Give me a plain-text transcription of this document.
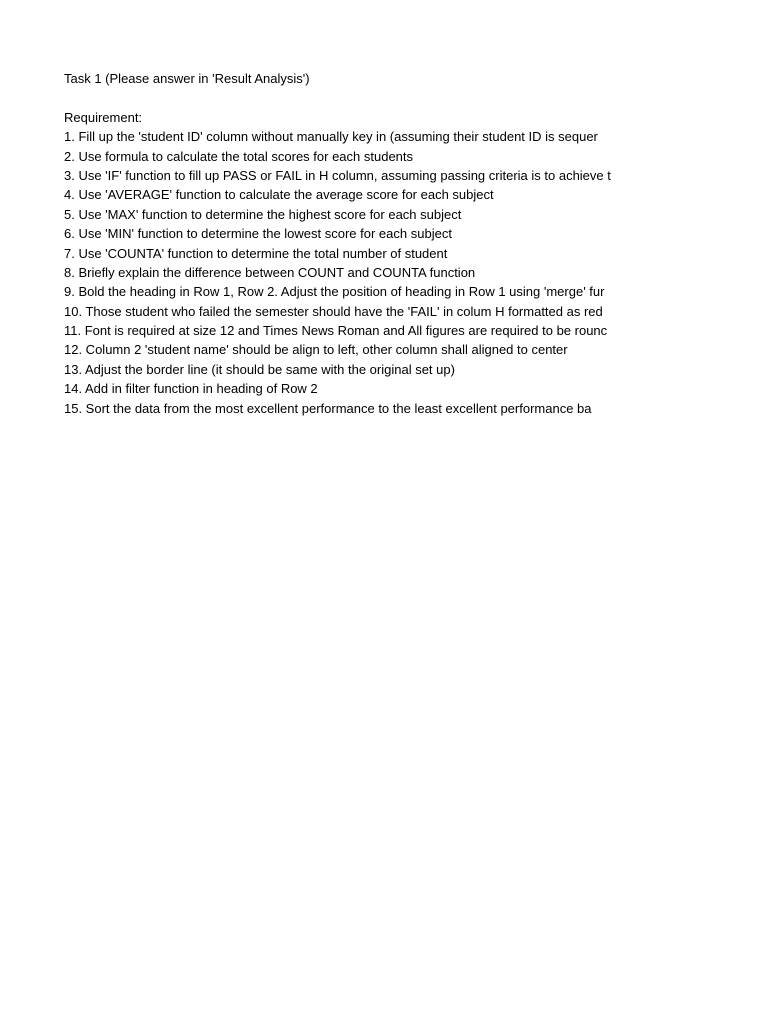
Task 1 (Please answer in 'Result Analysis')
Requirement:
1. Fill up the 'student ID' column without manually key in (assuming their student ID is sequer
2. Use formula to calculate the total scores for each students
3. Use 'IF' function to fill up PASS or FAIL in H column, assuming passing criteria is to achieve t
4. Use 'AVERAGE' function to calculate the average score for each subject
5. Use 'MAX' function to determine the highest score for each subject
6. Use 'MIN' function to determine the lowest score for each subject
7. Use 'COUNTA' function to determine the total number of student
8. Briefly explain the difference between COUNT and COUNTA function
9. Bold the heading in Row 1, Row 2. Adjust the position of heading in Row 1 using 'merge' fur
10. Those student who failed the semester should have the 'FAIL' in colum H formatted as red
11. Font is required at size 12 and Times News Roman and All figures are required to be rounc
12. Column 2 'student name' should be align to left, other column shall aligned to center
13. Adjust the border line (it should be same with the original set up)
14. Add in filter function in heading of Row 2
15. Sort the data from the most excellent performance to the least excellent performance ba
